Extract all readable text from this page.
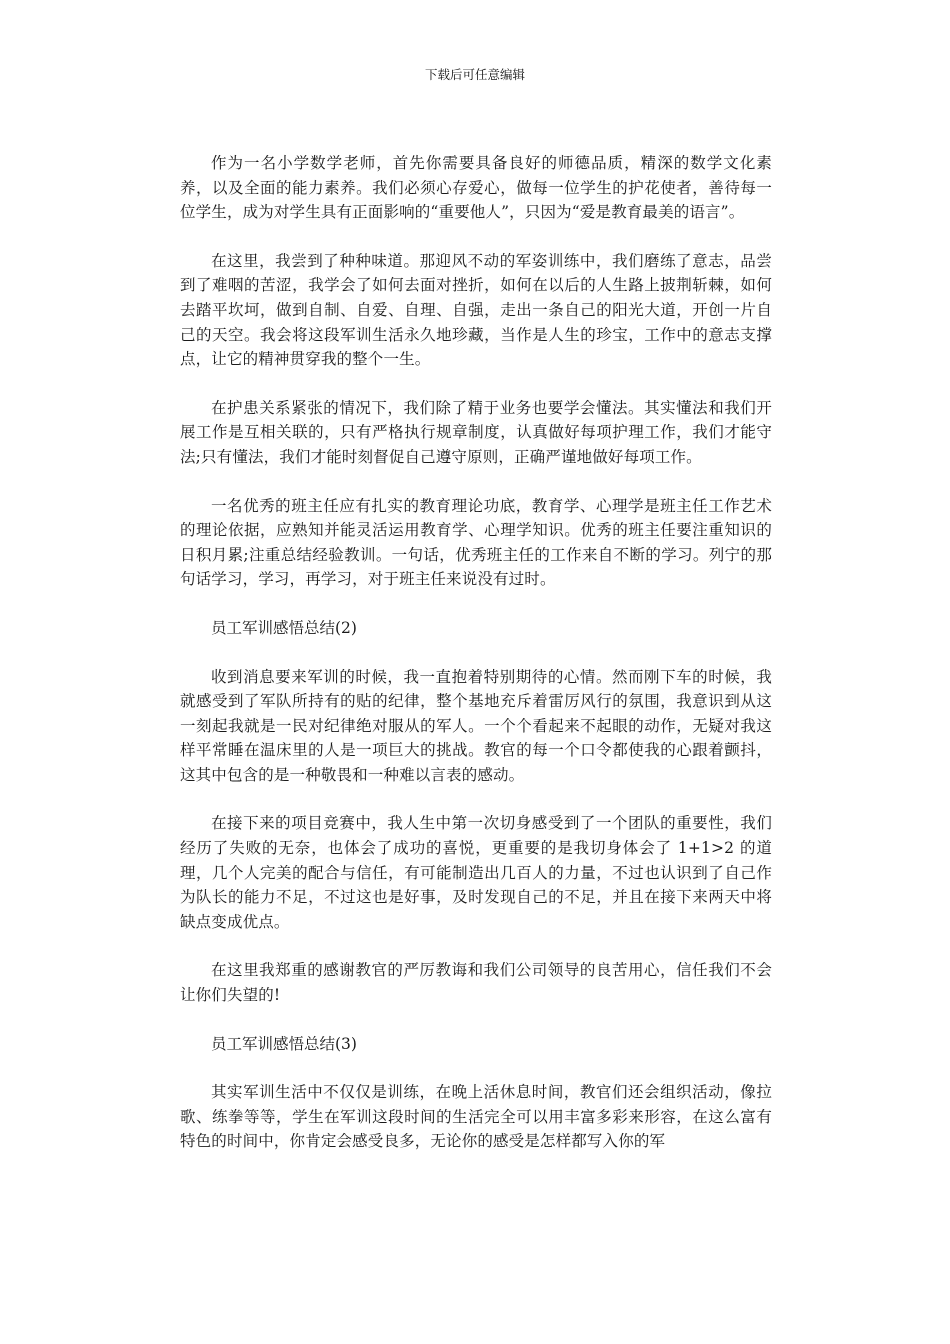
下载后可任意编辑

作为一名小学数学老师，首先你需要具备良好的师德品质，精深的数学文化素养，以及全面的能力素养。我们必须心存爱心，做每一位学生的护花使者，善待每一位学生，成为对学生具有正面影响的“重要他人”，只因为“爱是教育最美的语言”。

在这里，我尝到了种种味道。那迎风不动的军姿训练中，我们磨练了意志，品尝到了难咽的苦涩，我学会了如何去面对挫折，如何在以后的人生路上披荆斩棘，如何去踏平坎坷，做到自制、自爱、自理、自强，走出一条自己的阳光大道，开创一片自己的天空。我会将这段军训生活永久地珍藏，当作是人生的珍宝，工作中的意志支撑点，让它的精神贯穿我的整个一生。

在护患关系紧张的情况下，我们除了精于业务也要学会懂法。其实懂法和我们开展工作是互相关联的，只有严格执行规章制度，认真做好每项护理工作，我们才能守法;只有懂法，我们才能时刻督促自己遵守原则，正确严谨地做好每项工作。

一名优秀的班主任应有扎实的教育理论功底，教育学、心理学是班主任工作艺术的理论依据，应熟知并能灵活运用教育学、心理学知识。优秀的班主任要注重知识的日积月累;注重总结经验教训。一句话，优秀班主任的工作来自不断的学习。列宁的那句话学习，学习，再学习，对于班主任来说没有过时。

员工军训感悟总结(2)

收到消息要来军训的时候，我一直抱着特别期待的心情。然而刚下车的时候，我就感受到了军队所持有的贴的纪律，整个基地充斥着雷厉风行的氛围，我意识到从这一刻起我就是一民对纪律绝对服从的军人。一个个看起来不起眼的动作，无疑对我这样平常睡在温床里的人是一项巨大的挑战。教官的每一个口令都使我的心跟着颤抖，这其中包含的是一种敬畏和一种难以言表的感动。

在接下来的项目竞赛中，我人生中第一次切身感受到了一个团队的重要性，我们经历了失败的无奈，也体会了成功的喜悦，更重要的是我切身体会了 1+1>2 的道理，几个人完美的配合与信任，有可能制造出几百人的力量，不过也认识到了自己作为队长的能力不足，不过这也是好事，及时发现自己的不足，并且在接下来两天中将缺点变成优点。

在这里我郑重的感谢教官的严厉教诲和我们公司领导的良苦用心，信任我们不会让你们失望的!

员工军训感悟总结(3)

其实军训生活中不仅仅是训练，在晚上活休息时间，教官们还会组织活动，像拉歌、练拳等等，学生在军训这段时间的生活完全可以用丰富多彩来形容，在这么富有特色的时间中，你肯定会感受良多，无论你的感受是怎样都写入你的军
